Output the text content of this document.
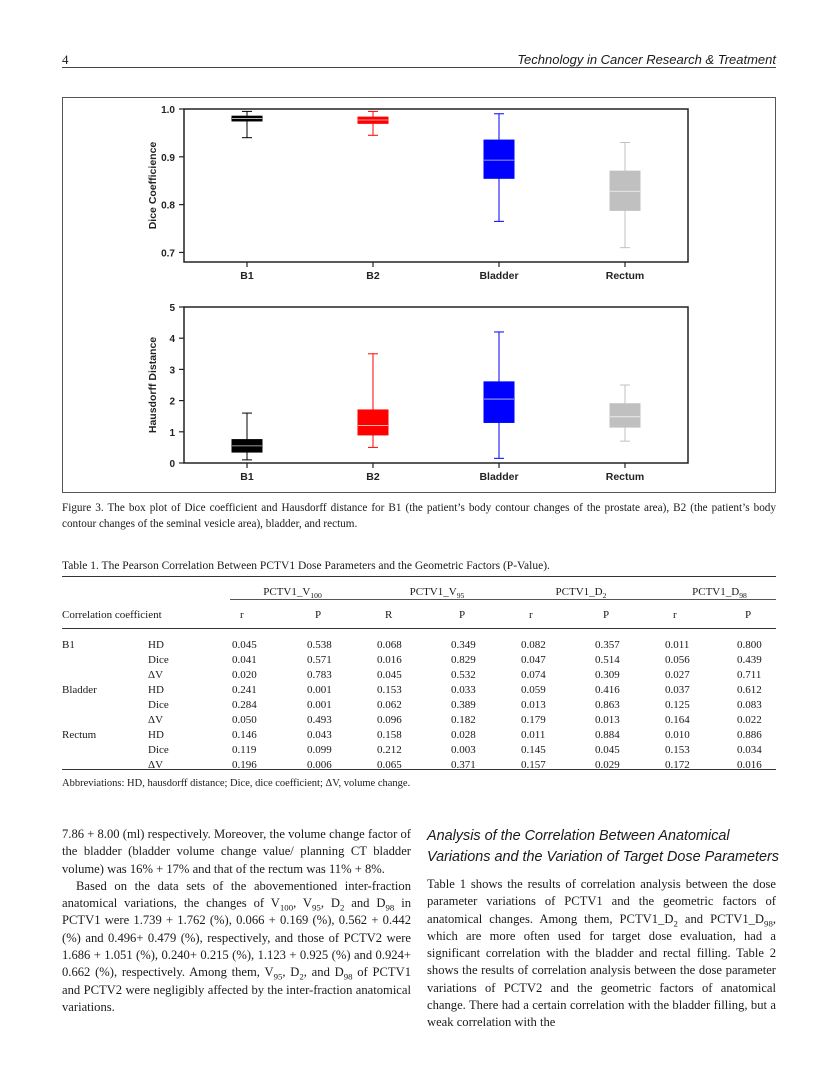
4	Technology in Cancer Research & Treatment
1.0
0.9
0.8
0.7
Dice Coefficience
B1	B2	Bladder	Rectum
5
4
3
2
1
0
Hausdorff Distance
B1	B2	Bladder	Rectum
Figure 3. The box plot of Dice coefficient and Hausdorff distance for B1 (the patient’s body contour changes of the prostate area), B2 (the patient’s body contour changes of the seminal vesicle area), bladder, and rectum.
Table 1. The Pearson Correlation Between PCTV1 Dose Parameters and the Geometric Factors (P-Value).
		$PCTV1\_V_{100}$		$PCTV1\_V_{95}$		$PCTV1\_D_2$		$PCTV1\_D_{98}$
Correlation coefficient		r	P	R	P	r	P	r	P

B1	HD	0.045	0.538	0.068	0.349	0.082	0.357	0.011	0.800
	Dice	0.041	0.571	0.016	0.829	0.047	0.514	0.056	0.439
	ΔV	0.020	0.783	0.045	0.532	0.074	0.309	0.027	0.711
Bladder	HD	0.241	0.001	0.153	0.033	0.059	0.416	0.037	0.612
	Dice	0.284	0.001	0.062	0.389	0.013	0.863	0.125	0.083
	ΔV	0.050	0.493	0.096	0.182	0.179	0.013	0.164	0.022
Rectum	HD	0.146	0.043	0.158	0.028	0.011	0.884	0.010	0.886
	Dice	0.119	0.099	0.212	0.003	0.145	0.045	0.153	0.034
	ΔV	0.196	0.006	0.065	0.371	0.157	0.029	0.172	0.016
Abbreviations: HD, hausdorff distance; Dice, dice coefficient; ΔV, volume change.

7.86 + 8.00 (ml) respectively. Moreover, the volume change factor of the bladder (bladder volume change value/ planning CT bladder volume) was 16% + 17% and that of the rectum was 11% + 8%.

Based on the data sets of the abovementioned inter-fraction anatomical variations, the changes of $V_{100}$, $V_{95}$, $D_2$ and $D_{98}$ in PCTV1 were 1.739 + 1.762 (%), 0.066 + 0.169 (%), 0.562 + 0.442 (%) and 0.496+ 0.479 (%), respectively, and those of PCTV2 were 1.686 + 1.051 (%), 0.240+ 0.215 (%), 1.123 + 0.925 (%) and 0.924+ 0.662 (%), respectively. Among them, $V_{95}$, $D_2$, and $D_{98}$ of PCTV1 and PCTV2 were negligibly affected by the inter-fraction anatomical variations.

Analysis of the Correlation Between Anatomical Variations and the Variation of Target Dose Parameters

Table 1 shows the results of correlation analysis between the dose parameter variations of PCTV1 and the geometric factors of anatomical changes. Among them, $PCTV1\_D_2$ and $PCTV1\_D_{98}$, which are more often used for target dose evaluation, had a significant correlation with the bladder and rectal filling. Table 2 shows the results of correlation analysis between the dose parameter variations of PCTV2 and the geometric factors of anatomical change. There had a certain correlation with the bladder filling, but a weak correlation with the
